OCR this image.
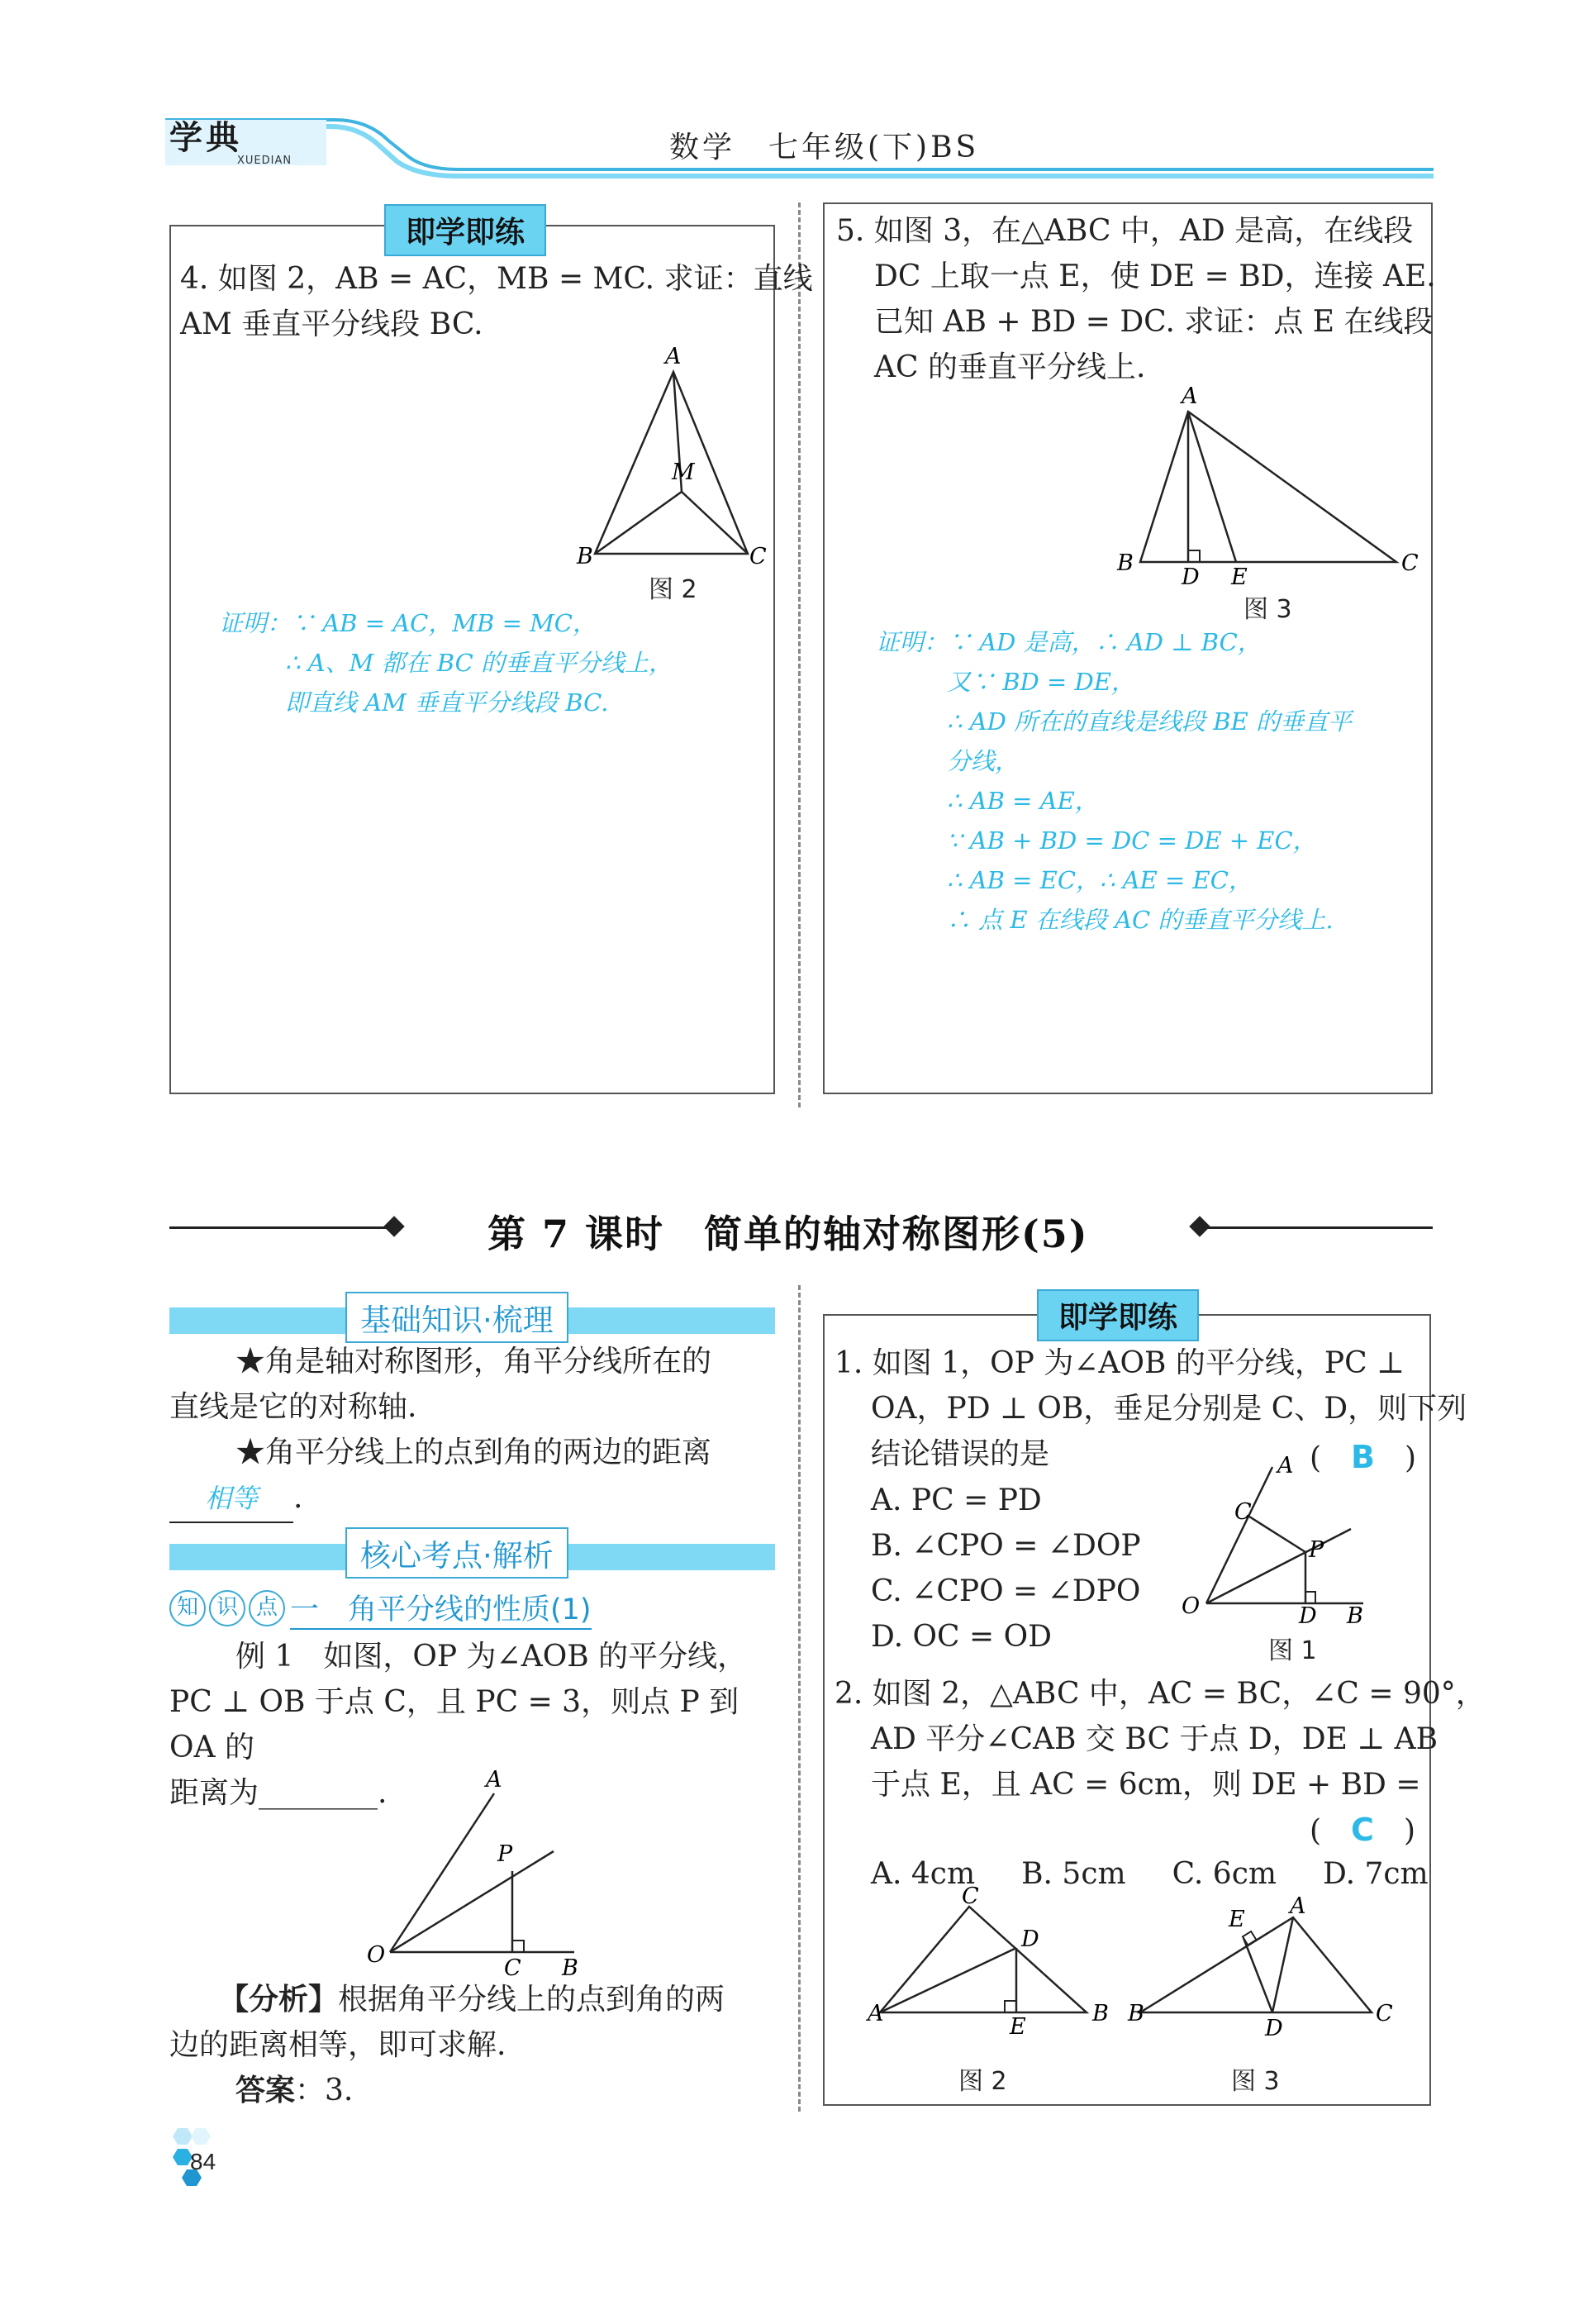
学典
XUEDIAN	数学　七年级(下)BS
即学即练
4. 如图 2，AB = AC，MB = MC. 求证：直线
AM 垂直平分线段 BC.
A
M
B	C
图 2
证明：∵ AB = AC，MB = MC，
∴ A、M 都在 BC 的垂直平分线上，
即直线 AM 垂直平分线段 BC.
5. 如图 3，在△ABC 中，AD 是高，在线段
DC 上取一点 E，使 DE = BD，连接 AE.
已知 AB + BD = DC. 求证：点 E 在线段
AC 的垂直平分线上.
A
B
D E
C
图 3
证明：∵ AD 是高，∴ AD ⊥ BC，
又∵ BD = DE，
∴ AD 所在的直线是线段 BE 的垂直平
分线，
∴ AB = AE，
∵ AB + BD = DC = DE + EC，
∴ AB = EC，∴ AE = EC，
∴ 点 E 在线段 AC 的垂直平分线上.
第 7 课时　简单的轴对称图形(5)
基础知识·梳理
★角是轴对称图形，角平分线所在的
直线是它的对称轴.
★角平分线上的点到角的两边的距离
相等 .
核心考点·解析
知 识 点 一　角平分线的性质(1)
例 1　如图，OP 为∠AOB 的平分线，
PC ⊥ OB 于点 C，且 PC = 3，则点 P 到 OA 的
距离为________.	A
P
O
C B
【分析】根据角平分线上的点到角的两
边的距离相等，即可求解.
答案：3.
即学即练
1. 如图 1，OP 为∠AOB 的平分线，PC ⊥
OA，PD ⊥ OB，垂足分别是 C、D，则下列
结论错误的是	(　B　)
A. PC = PD
B. ∠CPO = ∠DOP
C. ∠CPO = ∠DPO
D. OC = OD
A
C
P
O	D B
图 1
2. 如图 2，△ABC 中，AC = BC，∠C = 90°，
AD 平分∠CAB 交 BC 于点 D，DE ⊥ AB
于点 E，且 AC = 6cm，则 DE + BD =
(　C　)
A. 4cm B. 5cm C. 6cm D. 7cm
C
D
A
E
B
图 2
E
A
B
D
C
图 3
84
